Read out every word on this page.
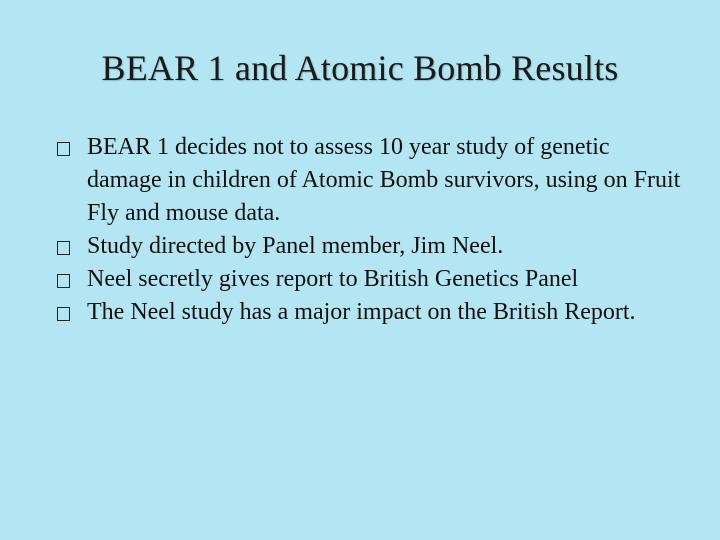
BEAR 1 and Atomic Bomb Results
BEAR 1 decides not to assess 10 year study of genetic damage in children of Atomic Bomb survivors, using on Fruit Fly and mouse data.
Study directed by Panel member, Jim Neel.
Neel secretly gives report to British Genetics Panel
The Neel study has a major impact on the British Report.
